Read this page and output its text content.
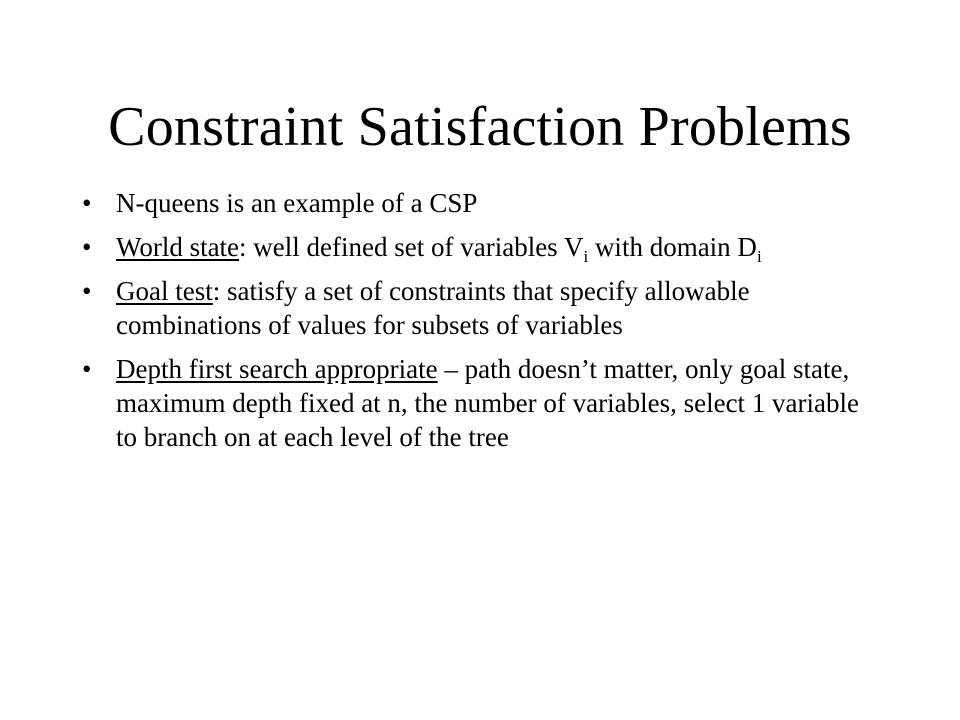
Constraint Satisfaction Problems
• N-queens is an example of a CSP
• World state: well defined set of variables $V_i$ with domain $D_i$
• Goal test: satisfy a set of constraints that specify allowable combinations of values for subsets of variables
• Depth first search appropriate – path doesn’t matter, only goal state, maximum depth fixed at n, the number of variables, select 1 variable to branch on at each level of the tree
